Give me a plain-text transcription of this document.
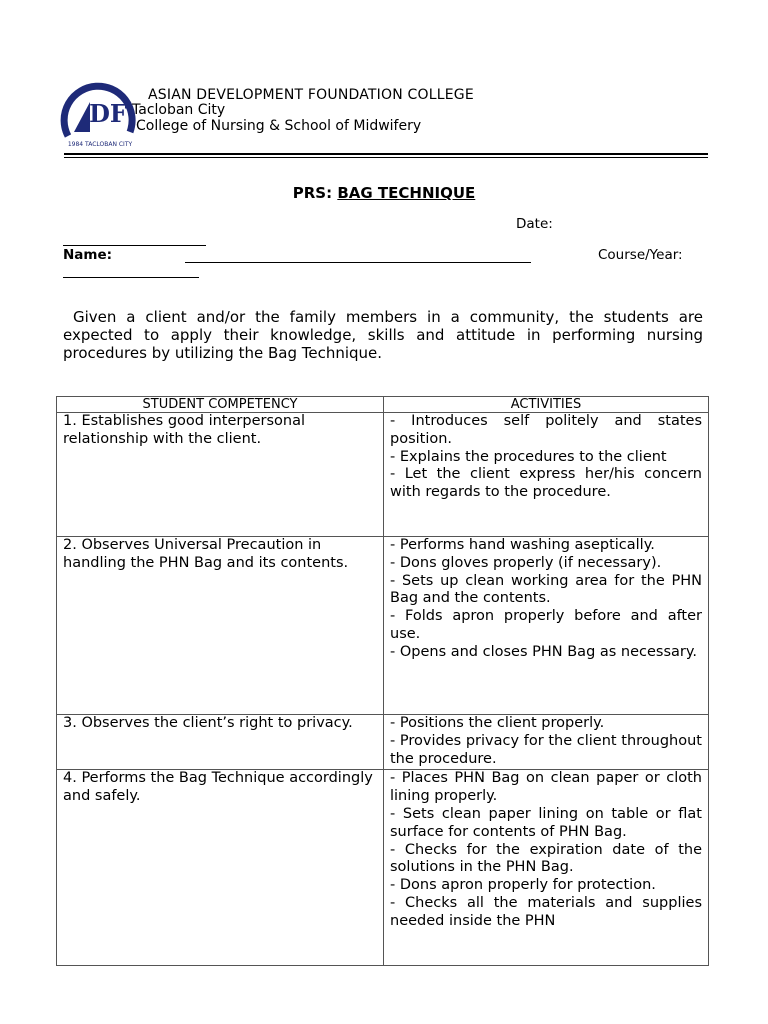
DF
1984 TACLOBAN CITY
ASIAN DEVELOPMENT FOUNDATION COLLEGE
Tacloban City
College of Nursing & School of Midwifery
PRS: BAG TECHNIQUE
Date:
Name:	Course/Year:
Given a client and/or the family members in a community, the students are expected to apply their knowledge, skills and attitude in performing nursing procedures by utilizing the Bag Technique.
STUDENT COMPETENCY	ACTIVITIES
1. Establishes good interpersonal relationship with the client.	- Introduces self politely and states position.
- Explains the procedures to the client
- Let the client express her/his concern with regards to the procedure.

2. Observes Universal Precaution in handling the PHN Bag and its contents.	- Performs hand washing aseptically.
- Dons gloves properly (if necessary).
- Sets up clean working area for the PHN Bag and the contents.
- Folds apron properly before and after use.
- Opens and closes PHN Bag as necessary.

3. Observes the client’s right to privacy.	- Positions the client properly.
- Provides privacy for the client throughout the procedure.

4. Performs the Bag Technique accordingly and safely.	- Places PHN Bag on clean paper or cloth lining properly.
- Sets clean paper lining on table or flat surface for contents of PHN Bag.
- Checks for the expiration date of the solutions in the PHN Bag.
- Dons apron properly for protection.
- Checks all the materials and supplies needed inside the PHN
